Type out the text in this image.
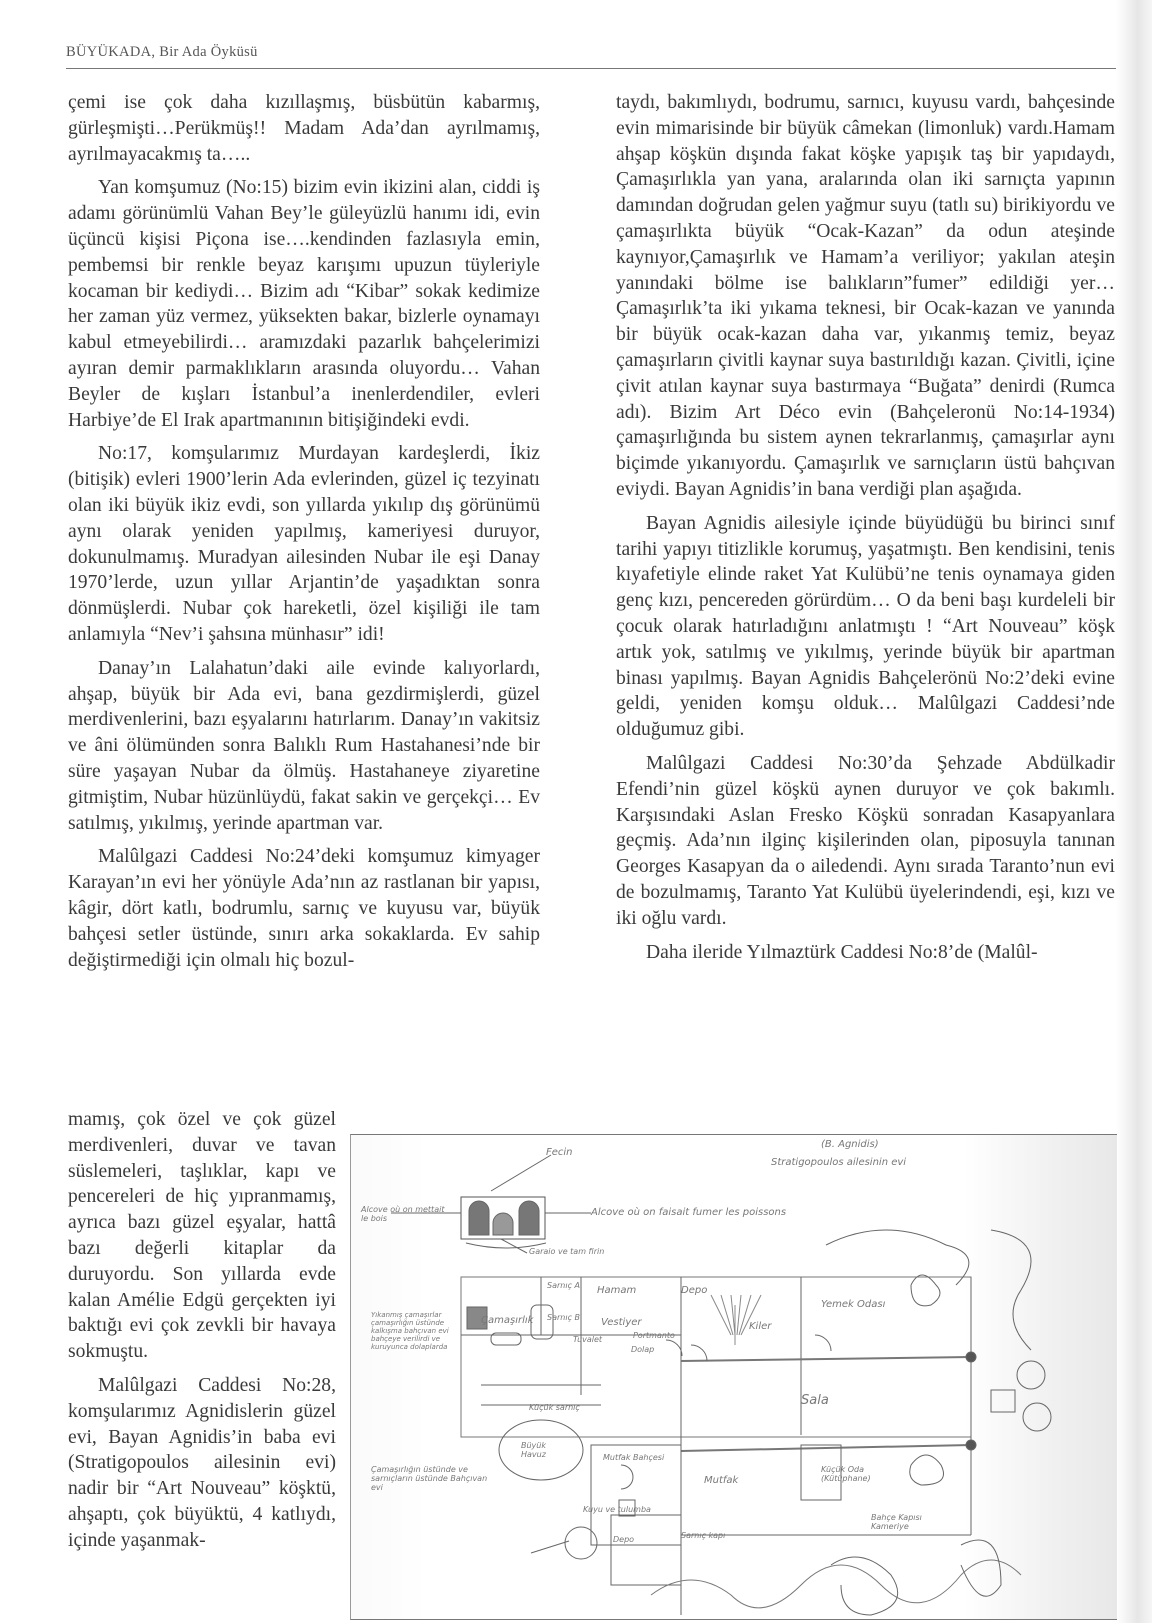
BÜYÜKADA, Bir Ada Öyküsü

çemi ise çok daha kızıllaşmış, büsbütün kabarmış, gürleşmişti…Perükmüş!! Madam Ada’dan ayrılmamış, ayrılmayacakmış ta…..

Yan komşumuz (No:15) bizim evin ikizini alan, ciddi iş adamı görünümlü Vahan Bey’le güleyüzlü hanımı idi, evin üçüncü kişisi Piçona ise….kendinden fazlasıyla emin, pembemsi bir renkle beyaz karışımı upuzun tüyleriyle kocaman bir kediydi… Bizim adı “Kibar” sokak kedimize her zaman yüz vermez, yüksekten bakar, bizlerle oynamayı kabul etmeyebilirdi… aramızdaki pazarlık bahçelerimizi ayıran demir parmaklıkların arasında oluyordu… Vahan Beyler de kışları İstanbul’a inenlerdendiler, evleri Harbiye’de El Irak apartmanının bitişiğindeki evdi.

No:17, komşularımız Murdayan kardeşlerdi, İkiz (bitişik) evleri 1900’lerin Ada evlerinden, güzel iç tezyinatı olan iki büyük ikiz evdi, son yıllarda yıkılıp dış görünümü aynı olarak yeniden yapılmış, kameriyesi duruyor, dokunulmamış. Muradyan ailesinden Nubar ile eşi Danay 1970’lerde, uzun yıllar Arjantin’de yaşadıktan sonra dönmüşlerdi. Nubar çok hareketli, özel kişiliği ile tam anlamıyla “Nev’i şahsına münhasır” idi!

Danay’ın Lalahatun’daki aile evinde kalıyorlardı, ahşap, büyük bir Ada evi, bana gezdirmişlerdi, güzel merdivenlerini, bazı eşyalarını hatırlarım. Danay’ın vakitsiz ve âni ölümünden sonra Balıklı Rum Hastahanesi’nde bir süre yaşayan Nubar da ölmüş. Hastahaneye ziyaretine gitmiştim, Nubar hüzünlüydü, fakat sakin ve gerçekçi… Ev satılmış, yıkılmış, yerinde apartman var.

Malûlgazi Caddesi No:24’deki komşumuz kimyager Karayan’ın evi her yönüyle Ada’nın az rastlanan bir yapısı, kâgir, dört katlı, bodrumlu, sarnıç ve kuyusu var, büyük bahçesi setler üstünde, sınırı arka sokaklarda. Ev sahip değiştirmediği için olmalı hiç bozul-

mamış, çok özel ve çok güzel merdivenleri, duvar ve tavan süslemeleri, taşlıklar, kapı ve pencereleri de hiç yıpranmamış, ayrıca bazı güzel eşyalar, hattâ bazı değerli kitaplar da duruyordu. Son yıllarda evde kalan Amélie Edgü gerçekten iyi baktığı evi çok zevkli bir havaya sokmuştu.

Malûlgazi Caddesi No:28, komşularımız Agnidislerin güzel evi, Bayan Agnidis’in baba evi (Stratigopoulos ailesinin evi) nadir bir “Art Nouveau” köşktü, ahşaptı, çok büyüktü, 4 katlıydı, içinde yaşanmak-

taydı, bakımlıydı, bodrumu, sarnıcı, kuyusu vardı, bahçesinde evin mimarisinde bir büyük câmekan (limonluk) vardı.Hamam ahşap köşkün dışında fakat köşke yapışık taş bir yapıdaydı, Çamaşırlıkla yan yana, aralarında olan iki sarnıçta yapının damından doğrudan gelen yağmur suyu (tatlı su) birikiyordu ve çamaşırlıkta büyük “Ocak-Kazan” da odun ateşinde kaynıyor,Çamaşırlık ve Hamam’a veriliyor; yakılan ateşin yanındaki bölme ise balıkların”fumer” edildiği yer…Çamaşırlık’ta iki yıkama teknesi, bir Ocak-kazan ve yanında bir büyük ocak-kazan daha var, yıkanmış temiz, beyaz çamaşırların çivitli kaynar suya bastırıldığı kazan. Çivitli, içine çivit atılan kaynar suya bastırmaya “Buğata” denirdi (Rumca adı). Bizim Art Déco evin (Bahçeleronü No:14-1934) çamaşırlığında bu sistem aynen tekrarlanmış, çamaşırlar aynı biçimde yıkanıyordu. Çamaşırlık ve sarnıçların üstü bahçıvan eviydi. Bayan Agnidis’in bana verdiği plan aşağıda.

Bayan Agnidis ailesiyle içinde büyüdüğü bu birinci sınıf tarihi yapıyı titizlikle korumuş, yaşatmıştı. Ben kendisini, tenis kıyafetiyle elinde raket Yat Kulübü’ne tenis oynamaya giden genç kızı, pencereden görürdüm… O da beni başı kurdeleli bir çocuk olarak hatırladığını anlatmıştı ! “Art Nouveau” köşk artık yok, satılmış ve yıkılmış, yerinde büyük bir apartman binası yapılmış. Bayan Agnidis Bahçelerönü No:2’deki evine geldi, yeniden komşu olduk… Malûlgazi Caddesi’nde olduğumuz gibi.

Malûlgazi Caddesi No:30’da Şehzade Abdülkadir Efendi’nin güzel köşkü aynen duruyor ve çok bakımlı. Karşısındaki Aslan Fresko Köşkü sonradan Kasapyanlara geçmiş. Ada’nın ilginç kişilerinden olan, piposuyla tanınan Georges Kasapyan da o ailedendi. Aynı sırada Taranto’nun evi de bozulmamış, Taranto Yat Kulübü üyelerindendi, eşi, kızı ve iki oğlu vardı.

Daha ileride Yılmaztürk Caddesi No:8’de (Malûl-

(B. Agnidis)
Stratigopoulos ailesinin evi
Fecin
Alcove où on mettait le bois
Alcove où on faisait fumer les poissons
Garaio ve tam firin
Çamaşırlık
Sarnıç A
Sarnıç B
Hamam	Depo
Vestiyer
Tuvalet	Portmanto
Dolap
Kiler
Yemek Odası
Sala
Küçük Oda (Kütüphane)
Mutfak
Mutfak Bahçesi
Büyük Havuz
Depo	Sarnıç kapı
Küçük sarnıç
Kuyu ve tulumba
Bahçe Kapısı Kameriye
Yıkanmış çamaşırlar çamaşırlığın üstünde kalkışma bahçıvan evi bahçeye verilirdi ve kuruyunca dolaplarda
Çamaşırlığın üstünde ve sarnıçların üstünde Bahçıvan evi
